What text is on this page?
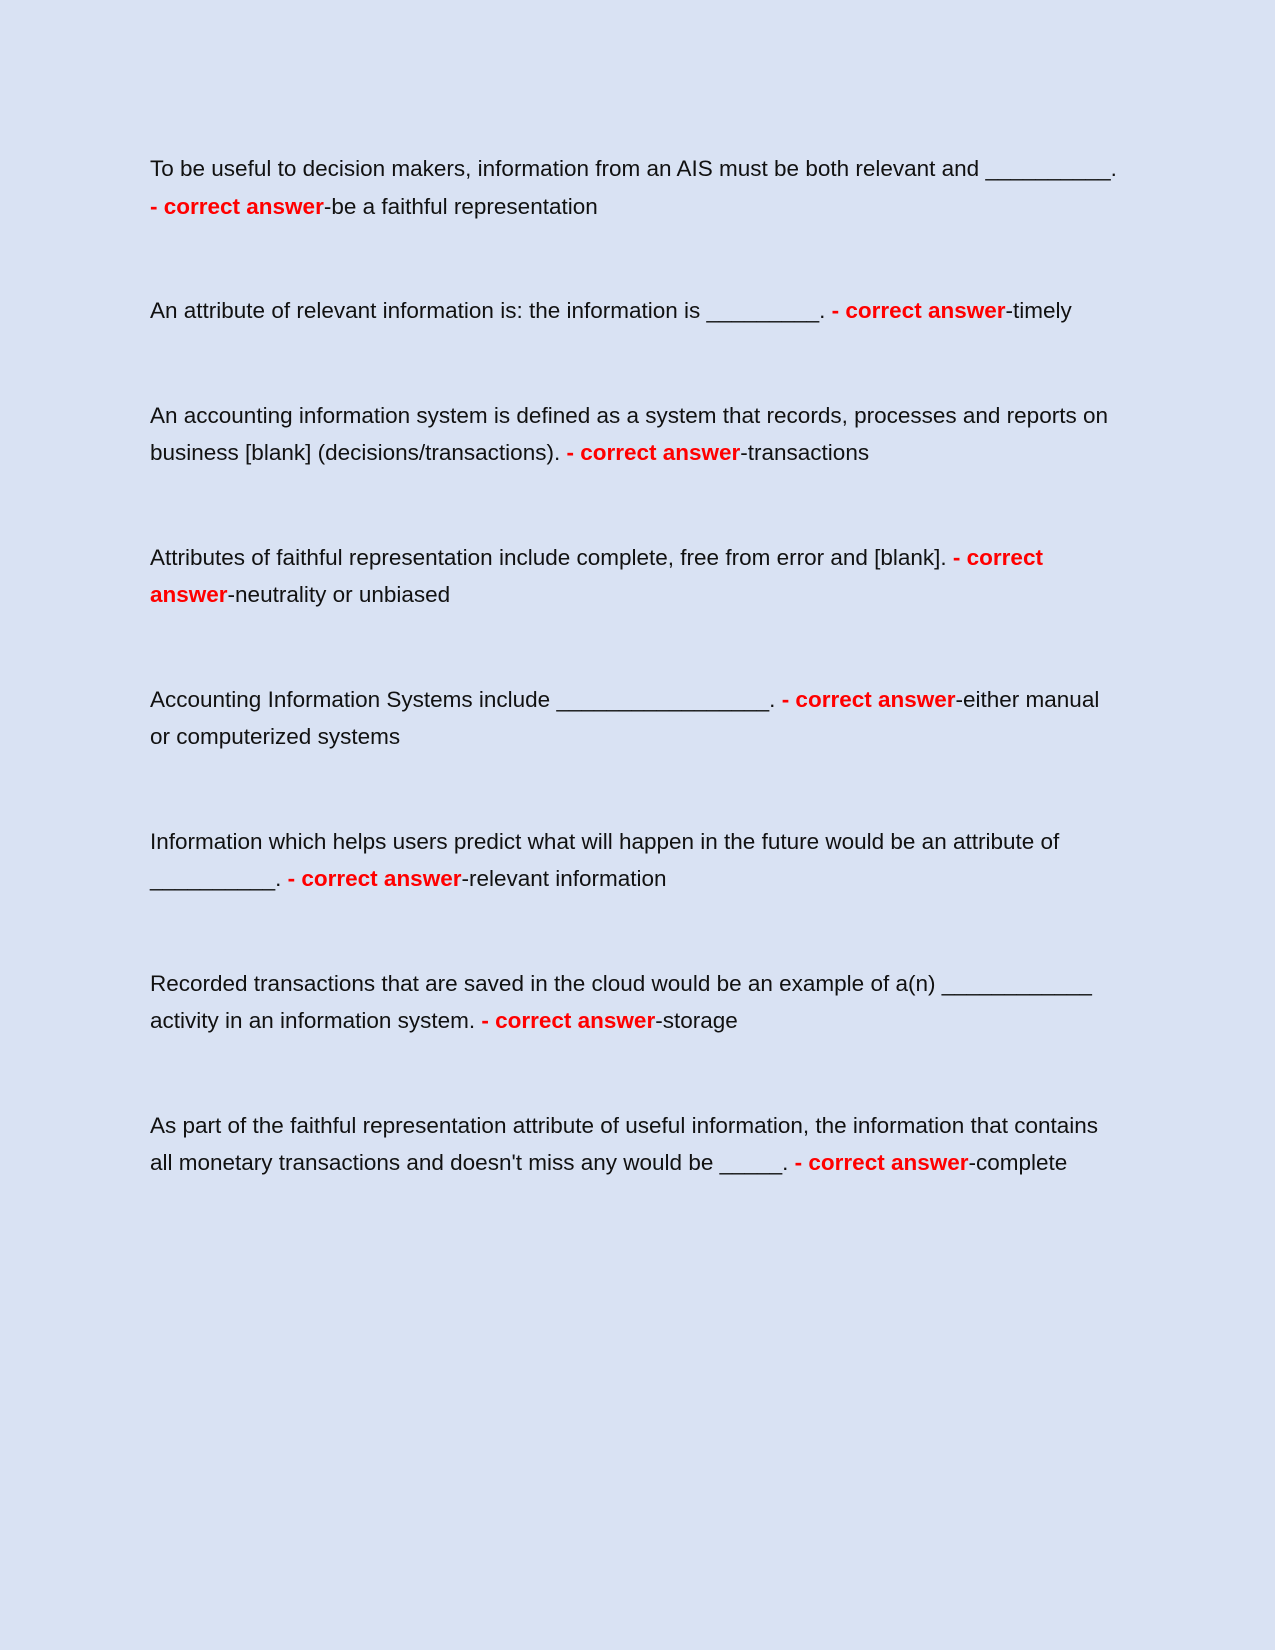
To be useful to decision makers, information from an AIS must be both relevant and __________. - correct answer-be a faithful representation

An attribute of relevant information is: the information is _________. - correct answer-timely

An accounting information system is defined as a system that records, processes and reports on business [blank] (decisions/transactions). - correct answer-transactions

Attributes of faithful representation include complete, free from error and [blank]. - correct answer-neutrality or unbiased

Accounting Information Systems include _________________. - correct answer-either manual or computerized systems

Information which helps users predict what will happen in the future would be an attribute of __________. - correct answer-relevant information

Recorded transactions that are saved in the cloud would be an example of a(n) ____________ activity in an information system. - correct answer-storage

As part of the faithful representation attribute of useful information, the information that contains all monetary transactions and doesn't miss any would be _____. - correct answer-complete
